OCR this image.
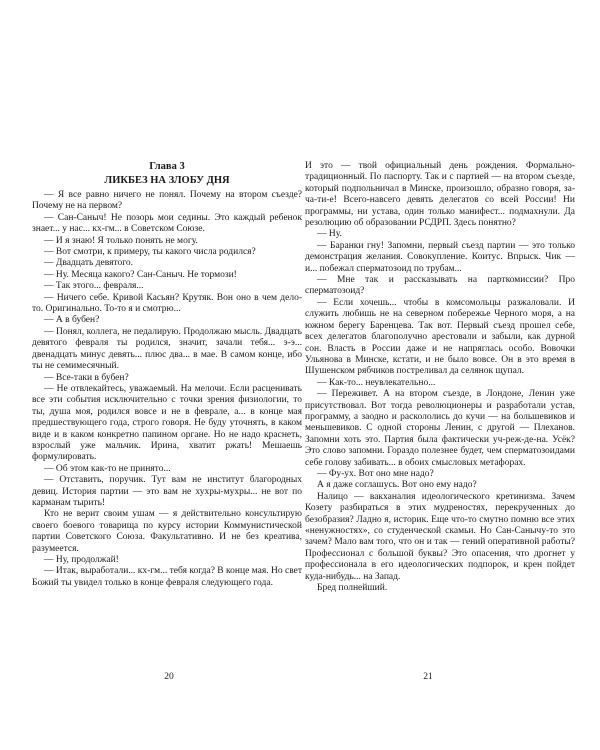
Глава 3
ЛИКБЕЗ НА ЗЛОБУ ДНЯ

— Я все равно ничего не понял. Почему на втором съезде? Почему не на первом?

— Сан-Саныч! Не позорь мои седины. Это каждый ребенок знает... у нас... кх-гм... в Советском Союзе.

— И я знаю! Я только понять не могу.

— Вот смотри, к примеру, ты какого числа родился?

— Двадцать девятого.

— Ну. Месяца какого? Сан-Саныч. Не тормози!

— Так этого... февраля...

— Ничего себе. Кривой Касьян? Крутяк. Вон оно в чем дело-то. Оригинально. То-то я и смотрю...

— А в бубен?

— Понял, коллега, не педалирую. Продолжаю мысль. Двадцать девятого февраля ты родился, значит, зачали тебя... э-э... двенадцать минус девять... плюс два... в мае. В самом конце, ибо ты не семимесячный.

— Все-таки в бубен?

— Не отвлекайтесь, уважаемый. На мелочи. Если расценивать все эти события исключительно с точки зрения физиологии, то ты, душа моя, родился вовсе и не в феврале, а... в конце мая предшествующего года, строго говоря. Не буду уточнять, в каком виде и в каком конкретно папином органе. Но не надо краснеть, взрослый уже мальчик. Ирина, хватит ржать! Мешаешь формулировать.

— Об этом как-то не принято...

— Отставить, поручик. Тут вам не институт благородных девиц. История партии — это вам не хухры-мухры... не вот по карманам тырить!

Кто не верит своим ушам — я действительно консультирую своего боевого товарища по курсу истории Коммунистической партии Советского Союза. Факультативно. И не без креатива, разумеется.

— Ну, продолжай!

— Итак, выработали... кх-гм... тебя когда? В конце мая. Но свет Божий ты увидел только в конце февраля следующего года.

И это — твой официальный день рождения. Формально-традиционный. По паспорту. Так и с партией — на втором съезде, который подпольничал в Минске, произошло, образно говоря, за-ча-ти-е! Всего-навсего девять делегатов со всей России! Ни программы, ни устава, один только манифест... подмахнули. Да резолюцию об образовании РСДРП. Здесь понятно?

— Ну.

— Баранки гну! Запомни, первый съезд партии — это только демонстрация желания. Совокупление. Коитус. Впрыск. Чик — и... побежал сперматозоид по трубам...

— Мне так и рассказывать на парткомиссии? Про сперматозоид?

— Если хочешь... чтобы в комсомольцы разжаловали. И служить любишь не на северном побережье Черного моря, а на южном берегу Баренцева. Так вот. Первый съезд прошел себе, всех делегатов благополучно арестовали и забыли, как дурной сон. Власть в России даже и не напряглась особо. Вовочки Ульянова в Минске, кстати, и не было вовсе. Он в это время в Шушенском рябчиков постреливал да селянок щупал.

— Как-то... неувлекательно...

— Переживет. А на втором съезде, в Лондоне, Ленин уже присутствовал. Вот тогда революционеры и разработали устав, программу, а заодно и раскололись до кучи — на большевиков и меньшевиков. С одной стороны Ленин, с другой — Плеханов. Запомни хоть это. Партия была фактически уч-реж-де-на. Усёк? Это слово запомни. Гораздо полезнее будет, чем сперматозоидами себе голову забивать... в обоих смысловых метафорах.

— Фу-ух. Вот оно мне надо?

А я даже соглашусь. Вот оно ему надо?

Налицо — вакханалия идеологического кретинизма. Зачем Козету разбираться в этих мудреностях, перекрученных до безобразия? Ладно я, историк. Еще что-то смутно помню все этих «ненужностях», со студенческой скамьи. Но Сан-Санычу-то это зачем? Мало вам того, что он и так — гений оперативной работы? Профессионал с большой буквы? Это опасения, что дрогнет у профессионала в его идеологических подпорок, и крен пойдет куда-нибудь... на Запад.

Бред полнейший.

20	21
